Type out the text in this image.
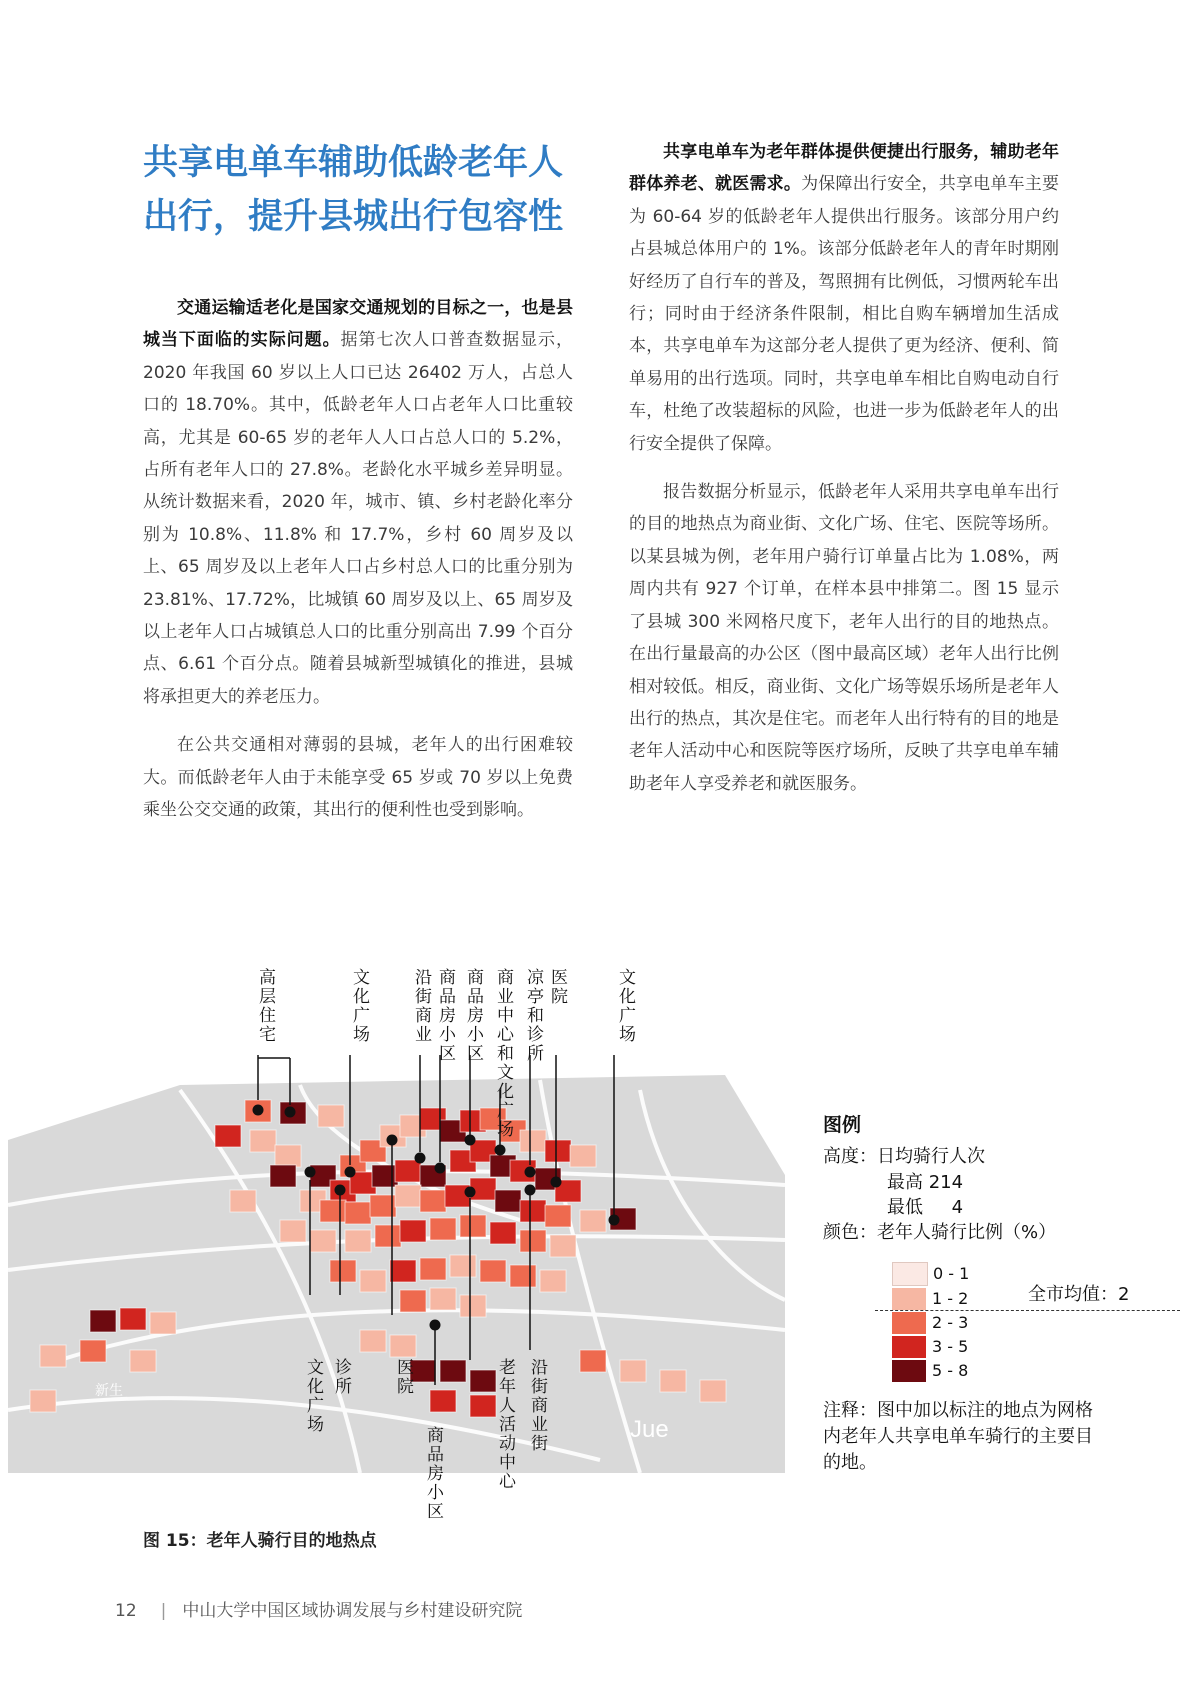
共享电单车辅助低龄老年人出行，提升县城出行包容性

交通运输适老化是国家交通规划的目标之一，也是县城当下面临的实际问题。据第七次人口普查数据显示，2020 年我国 60 岁以上人口已达 26402 万人，占总人口的 18.70%。其中，低龄老年人口占老年人口比重较高，尤其是 60-65 岁的老年人人口占总人口的 5.2%，占所有老年人口的 27.8%。老龄化水平城乡差异明显。从统计数据来看，2020 年，城市、镇、乡村老龄化率分别为 10.8%、11.8% 和 17.7%，乡村 60 周岁及以上、65 周岁及以上老年人口占乡村总人口的比重分别为 23.81%、17.72%，比城镇 60 周岁及以上、65 周岁及以上老年人口占城镇总人口的比重分别高出 7.99 个百分点、6.61 个百分点。随着县城新型城镇化的推进，县城将承担更大的养老压力。

在公共交通相对薄弱的县城，老年人的出行困难较大。而低龄老年人由于未能享受 65 岁或 70 岁以上免费乘坐公交交通的政策，其出行的便利性也受到影响。

共享电单车为老年群体提供便捷出行服务，辅助老年群体养老、就医需求。为保障出行安全，共享电单车主要为 60-64 岁的低龄老年人提供出行服务。该部分用户约占县城总体用户的 1%。该部分低龄老年人的青年时期刚好经历了自行车的普及，驾照拥有比例低，习惯两轮车出行；同时由于经济条件限制，相比自购车辆增加生活成本，共享电单车为这部分老人提供了更为经济、便利、简单易用的出行选项。同时，共享电单车相比自购电动自行车，杜绝了改装超标的风险，也进一步为低龄老年人的出行安全提供了保障。

报告数据分析显示，低龄老年人采用共享电单车出行的目的地热点为商业街、文化广场、住宅、医院等场所。以某县城为例，老年用户骑行订单量占比为 1.08%，两周内共有 927 个订单，在样本县中排第二。图 15 显示了县城 300 米网格尺度下，老年人出行的目的地热点。在出行量最高的办公区（图中最高区域）老年人出行比例相对较低。相反，商业街、文化广场等娱乐场所是老年人出行的热点，其次是住宅。而老年人出行特有的目的地是老年人活动中心和医院等医疗场所，反映了共享电单车辅助老年人享受养老和就医服务。

Jue
新生
高层住宅	文化广场 沿街商业 商品房小区 商品房小区 商业中心和文化广场 凉亭和诊所 医院	文化广场
文化广场 诊所 医院
商品房小区	老年人活动中心 沿街商业街
图例
高度：日均骑行人次
最高 214
最低     4
颜色：老年人骑行比例（%）
0 - 1
1 - 2
2 - 3
3 - 5
5 - 8
全市均值：2
注释：图中加以标注的地点为网格内老年人共享电单车骑行的主要目的地。
图 15：老年人骑行目的地热点
12 | 中山大学中国区域协调发展与乡村建设研究院
